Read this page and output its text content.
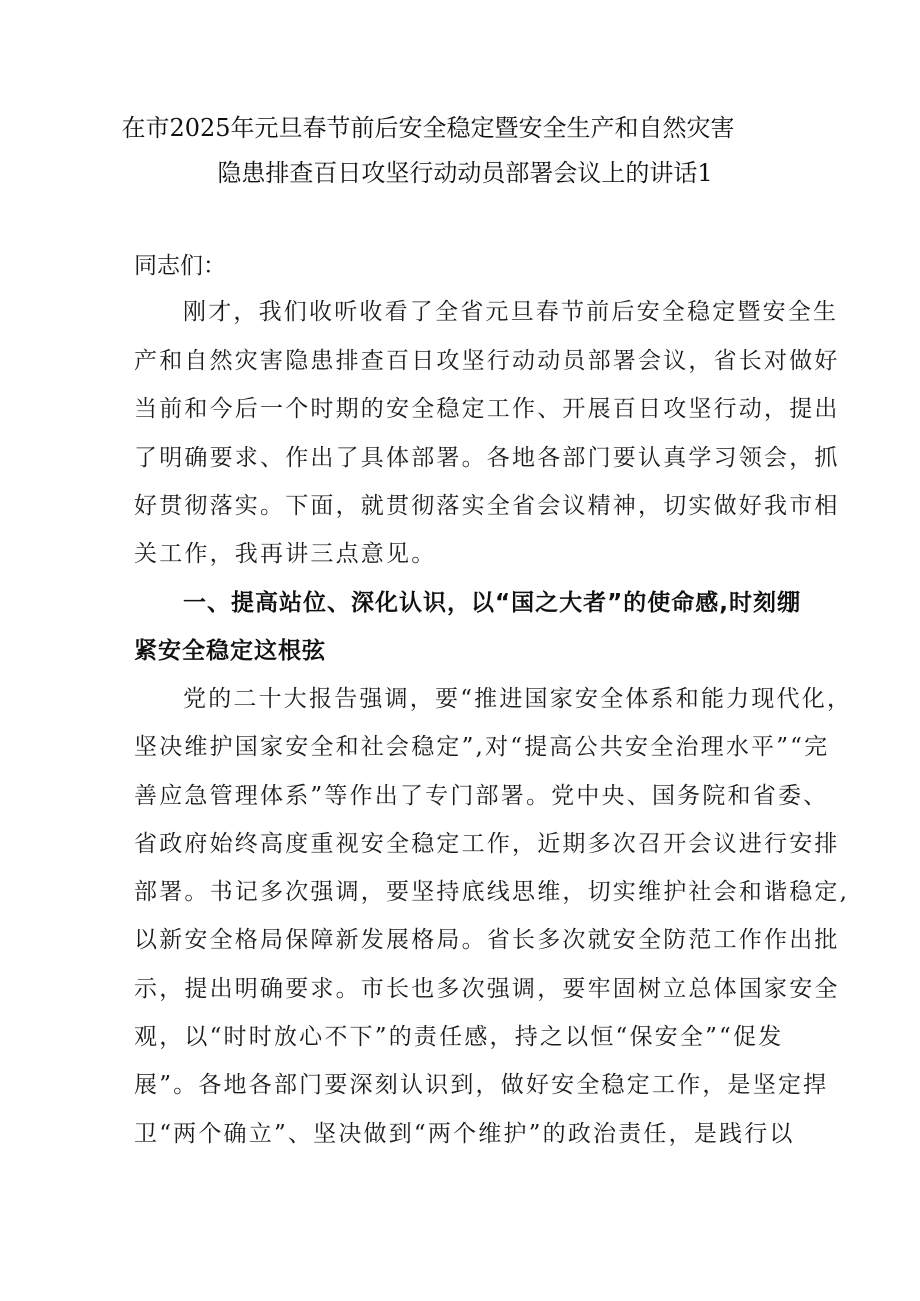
在市2025年元旦春节前后安全稳定暨安全生产和自然灾害
隐患排查百日攻坚行动动员部署会议上的讲话1
同志们：
刚才，我们收听收看了全省元旦春节前后安全稳定暨安全生
产和自然灾害隐患排查百日攻坚行动动员部署会议，省长对做好
当前和今后一个时期的安全稳定工作、开展百日攻坚行动，提出
了明确要求、作出了具体部署。各地各部门要认真学习领会，抓
好贯彻落实。下面，就贯彻落实全省会议精神，切实做好我市相
关工作，我再讲三点意见。
一、提高站位、深化认识，以“国之大者”的使命感,时刻绷
紧安全稳定这根弦
党的二十大报告强调，要“推进国家安全体系和能力现代化，
坚决维护国家安全和社会稳定”,对“提高公共安全治理水平”“完
善应急管理体系”等作出了专门部署。党中央、国务院和省委、
省政府始终高度重视安全稳定工作，近期多次召开会议进行安排
部署。书记多次强调，要坚持底线思维，切实维护社会和谐稳定,
以新安全格局保障新发展格局。省长多次就安全防范工作作出批
示，提出明确要求。市长也多次强调，要牢固树立总体国家安全
观，以“时时放心不下”的责任感，持之以恒“保安全”“促发
展”。各地各部门要深刻认识到，做好安全稳定工作，是坚定捍
卫“两个确立”、坚决做到“两个维护”的政治责任，是践行以
